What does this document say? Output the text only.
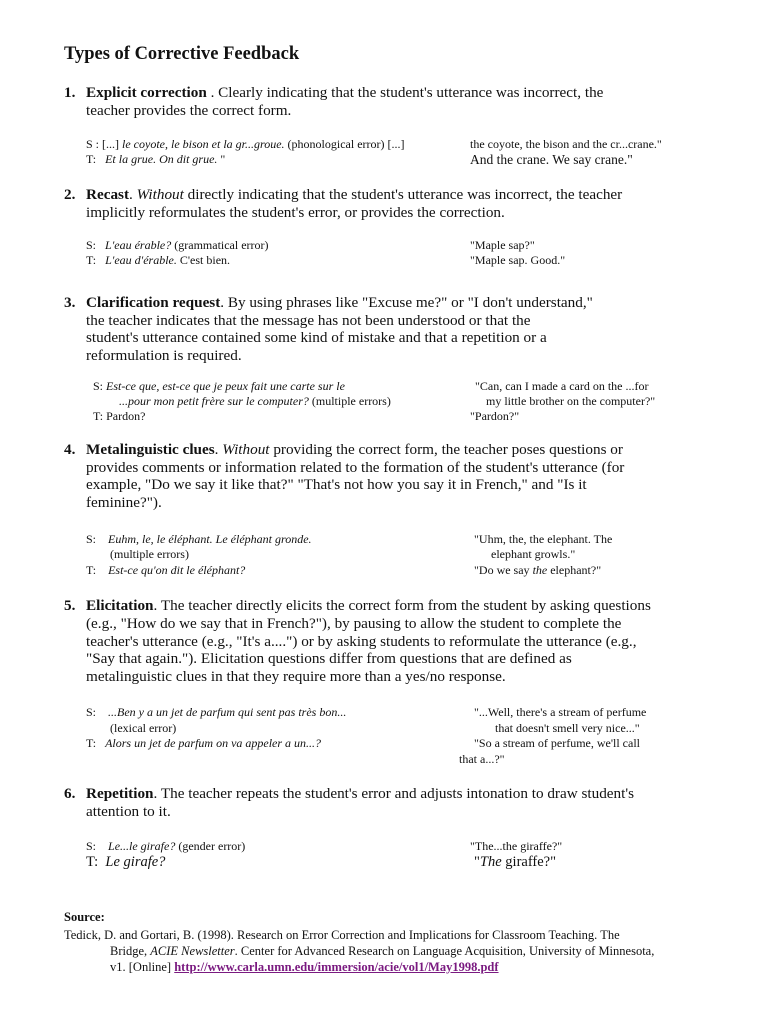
Types of Corrective Feedback
1. Explicit correction . Clearly indicating that the student's utterance was incorrect, the
teacher provides the correct form.
S : [...] le coyote, le bison et la gr...groue. (phonological error) [...]
T: Et la grue. On dit grue. "
the coyote, the bison and the cr...crane."
And the crane. We say crane."
2. Recast. Without directly indicating that the student's utterance was incorrect, the teacher
implicitly reformulates the student's error, or provides the correction.
S: L'eau érable? (grammatical error)
T: L'eau d'érable. C'est bien.
"Maple sap?"
"Maple sap. Good."
3. Clarification request. By using phrases like "Excuse me?" or "I don't understand,"
the teacher indicates that the message has not been understood or that the
student's utterance contained some kind of mistake and that a repetition or a
reformulation is required.
S: Est-ce que, est-ce que je peux fait une carte sur le
...pour mon petit frère sur le computer? (multiple errors)
T: Pardon?
"Can, can I made a card on the ...for
my little brother on the computer?"
"Pardon?"
4. Metalinguistic clues. Without providing the correct form, the teacher poses questions or
provides comments or information related to the formation of the student's utterance (for
example, "Do we say it like that?" "That's not how you say it in French," and "Is it
feminine?").
S: Euhm, le, le éléphant. Le éléphant gronde.
(multiple errors)
T: Est-ce qu'on dit le éléphant?
"Uhm, the, the elephant. The
elephant growls."
"Do we say the elephant?"
5. Elicitation. The teacher directly elicits the correct form from the student by asking questions
(e.g., "How do we say that in French?"), by pausing to allow the student to complete the
teacher's utterance (e.g., "It's a....") or by asking students to reformulate the utterance (e.g.,
"Say that again."). Elicitation questions differ from questions that are defined as
metalinguistic clues in that they require more than a yes/no response.
S: ...Ben y a un jet de parfum qui sent pas très bon...
(lexical error)
T: Alors un jet de parfum on va appeler a un...?
"...Well, there's a stream of perfume
that doesn't smell very nice..."
"So a stream of perfume, we'll call
that a...?"
6. Repetition. The teacher repeats the student's error and adjusts intonation to draw student's
attention to it.
S: Le...le girafe? (gender error)
T: Le girafe?
"The...the giraffe?"
"The giraffe?"
Source:
Tedick, D. and Gortari, B. (1998). Research on Error Correction and Implications for Classroom Teaching. The
Bridge, ACIE Newsletter. Center for Advanced Research on Language Acquisition, University of Minnesota,
v1. [Online] http://www.carla.umn.edu/immersion/acie/vol1/May1998.pdf
